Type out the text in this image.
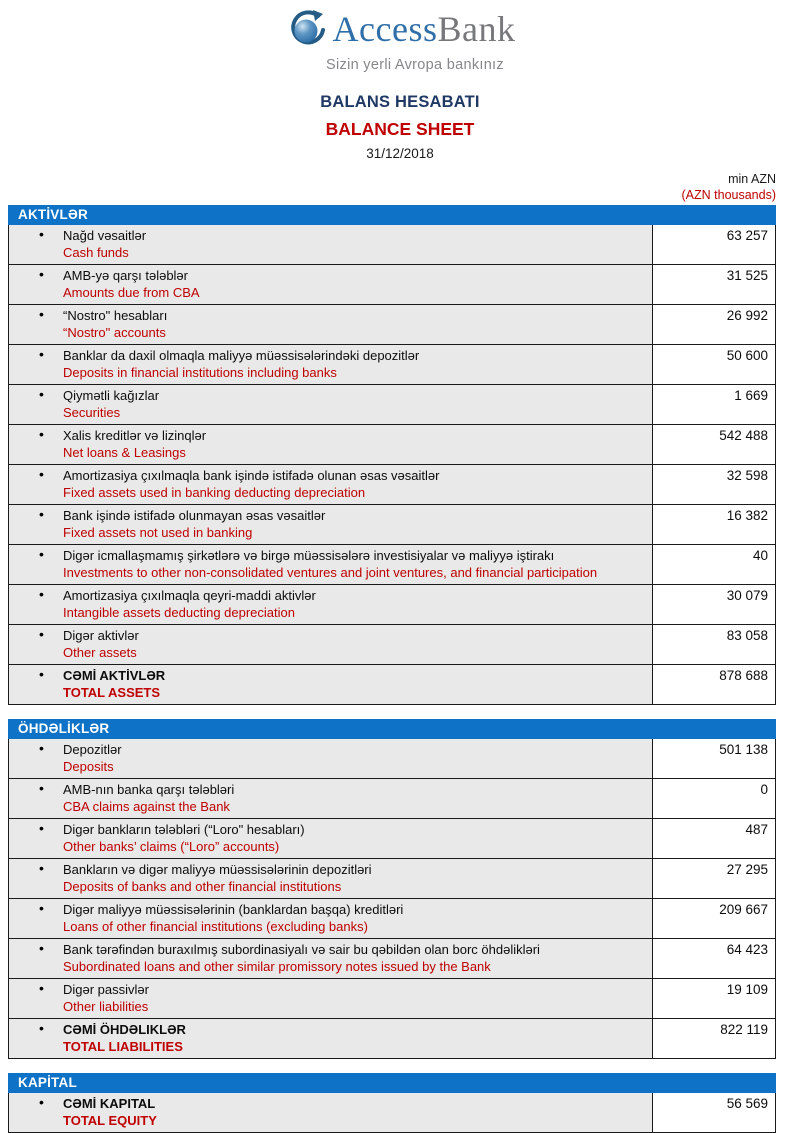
AccessBank
Sizin yerli Avropa bankınız
BALANS HESABATI
BALANCE SHEET
31/12/2018
min AZN
(AZN thousands)
AKTİVLƏR
• Nağd vəsaitlər
Cash funds
63 257
• AMB-yə qarşı tələblər
Amounts due from CBA
31 525
• “Nostro" hesabları
“Nostro" accounts
26 992
• Banklar da daxil olmaqla maliyyə müəssisələrindəki depozitlər
Deposits in financial institutions including banks
50 600
• Qiymətli kağızlar
Securities
1 669
• Xalis kreditlər və lizinqlər
Net loans & Leasings
542 488
• Amortizasiya çıxılmaqla bank işində istifadə olunan əsas vəsaitlər
Fixed assets used in banking deducting depreciation
32 598
• Bank işində istifadə olunmayan əsas vəsaitlər
Fixed assets not used in banking
16 382
• Digər icmallaşmamış şirkətlərə və birgə müəssisələrə investisiyalar və maliyyə iştirakı
Investments to other non-consolidated ventures and joint ventures, and financial participation
40
• Amortizasiya çıxılmaqla qeyri-maddi aktivlər
Intangible assets deducting depreciation
30 079
• Digər aktivlər
Other assets
83 058
• CƏMİ AKTİVLƏR
TOTAL ASSETS
878 688
ÖHDƏLİKLƏR
• Depozitlər
Deposits
501 138
• AMB-nın banka qarşı tələbləri
CBA claims against the Bank
0
• Digər bankların tələbləri (“Loro" hesabları)
Other banks’ claims (“Loro” accounts)
487
• Bankların və digər maliyyə müəssisələrinin depozitləri
Deposits of banks and other financial institutions
27 295
• Digər maliyyə müəssisələrinin (banklardan başqa) kreditləri
Loans of other financial institutions (excluding banks)
209 667
• Bank tərəfindən buraxılmış subordinasiyalı və sair bu qəbildən olan borc öhdəlikləri
Subordinated loans and other similar promissory notes issued by the Bank
64 423
• Digər passivlər
Other liabilities
19 109
• CƏMİ ÖHDƏLIKLƏR
TOTAL LIABILITIES
822 119
KAPİTAL
• CƏMİ KAPITAL
TOTAL EQUITY
56 569
